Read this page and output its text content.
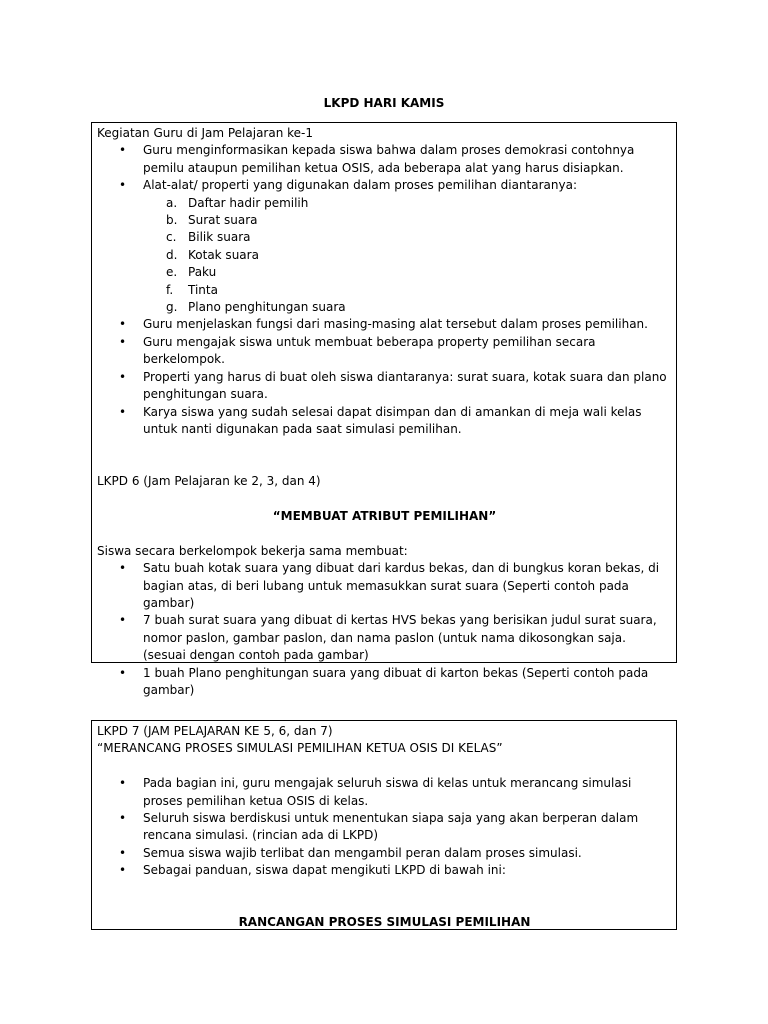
LKPD HARI KAMIS
Kegiatan Guru di Jam Pelajaran ke-1
• Guru menginformasikan kepada siswa bahwa dalam proses demokrasi contohnya pemilu ataupun pemilihan ketua OSIS, ada beberapa alat yang harus disiapkan.
• Alat-alat/ properti yang digunakan dalam proses pemilihan diantaranya:
a. Daftar hadir pemilih
b. Surat suara
c. Bilik suara
d. Kotak suara
e. Paku
f. Tinta
g. Plano penghitungan suara
• Guru menjelaskan fungsi dari masing-masing alat tersebut dalam proses pemilihan.
• Guru mengajak siswa untuk membuat beberapa property pemilihan secara berkelompok.
• Properti yang harus di buat oleh siswa diantaranya: surat suara, kotak suara dan plano penghitungan suara.
• Karya siswa yang sudah selesai dapat disimpan dan di amankan di meja wali kelas untuk nanti digunakan pada saat simulasi pemilihan.
LKPD 6 (Jam Pelajaran ke 2, 3, dan 4)
“MEMBUAT ATRIBUT PEMILIHAN”
Siswa secara berkelompok bekerja sama membuat:
• Satu buah kotak suara yang dibuat dari kardus bekas, dan di bungkus koran bekas, di bagian atas, di beri lubang untuk memasukkan surat suara (Seperti contoh pada gambar)
• 7 buah surat suara yang dibuat di kertas HVS bekas yang berisikan judul surat suara, nomor paslon, gambar paslon, dan nama paslon (untuk nama dikosongkan saja. (sesuai dengan contoh pada gambar)
• 1 buah Plano penghitungan suara yang dibuat di karton bekas (Seperti contoh pada gambar)
LKPD 7 (JAM PELAJARAN KE 5, 6, dan 7)
“MERANCANG PROSES SIMULASI PEMILIHAN KETUA OSIS DI KELAS”
• Pada bagian ini, guru mengajak seluruh siswa di kelas untuk merancang simulasi proses pemilihan ketua OSIS di kelas.
• Seluruh siswa berdiskusi untuk menentukan siapa saja yang akan berperan dalam rencana simulasi. (rincian ada di LKPD)
• Semua siswa wajib terlibat dan mengambil peran dalam proses simulasi.
• Sebagai panduan, siswa dapat mengikuti LKPD di bawah ini:
RANCANGAN PROSES SIMULASI PEMILIHAN
